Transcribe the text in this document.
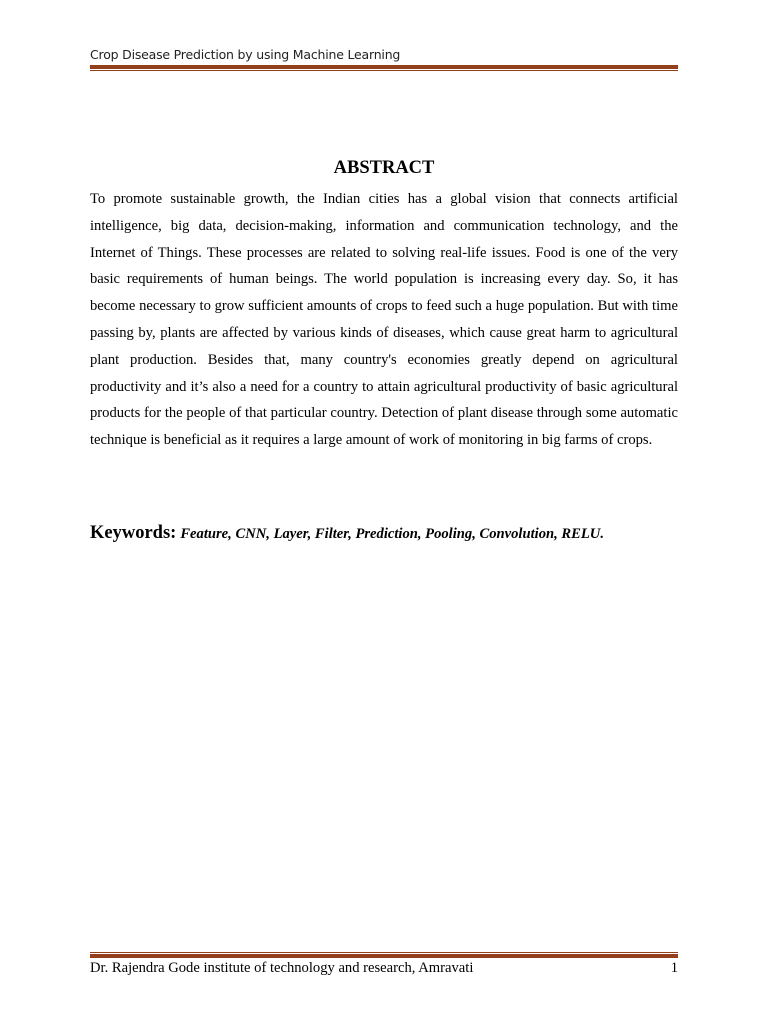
Crop Disease Prediction by using Machine Learning
ABSTRACT

To promote sustainable growth, the Indian cities has a global vision that connects artificial intelligence, big data, decision-making, information and communication technology, and the Internet of Things. These processes are related to solving real-life issues. Food is one of the very basic requirements of human beings. The world population is increasing every day. So, it has become necessary to grow sufficient amounts of crops to feed such a huge population. But with time passing by, plants are affected by various kinds of diseases, which cause great harm to agricultural plant production. Besides that, many country's economies greatly depend on agricultural productivity and it’s also a need for a country to attain agricultural productivity of basic agricultural products for the people of that particular country. Detection of plant disease through some automatic technique is beneficial as it requires a large amount of work of monitoring in big farms of crops.

Keywords: Feature, CNN, Layer, Filter, Prediction, Pooling, Convolution, RELU.
Dr. Rajendra Gode institute of technology and research, Amravati	1
